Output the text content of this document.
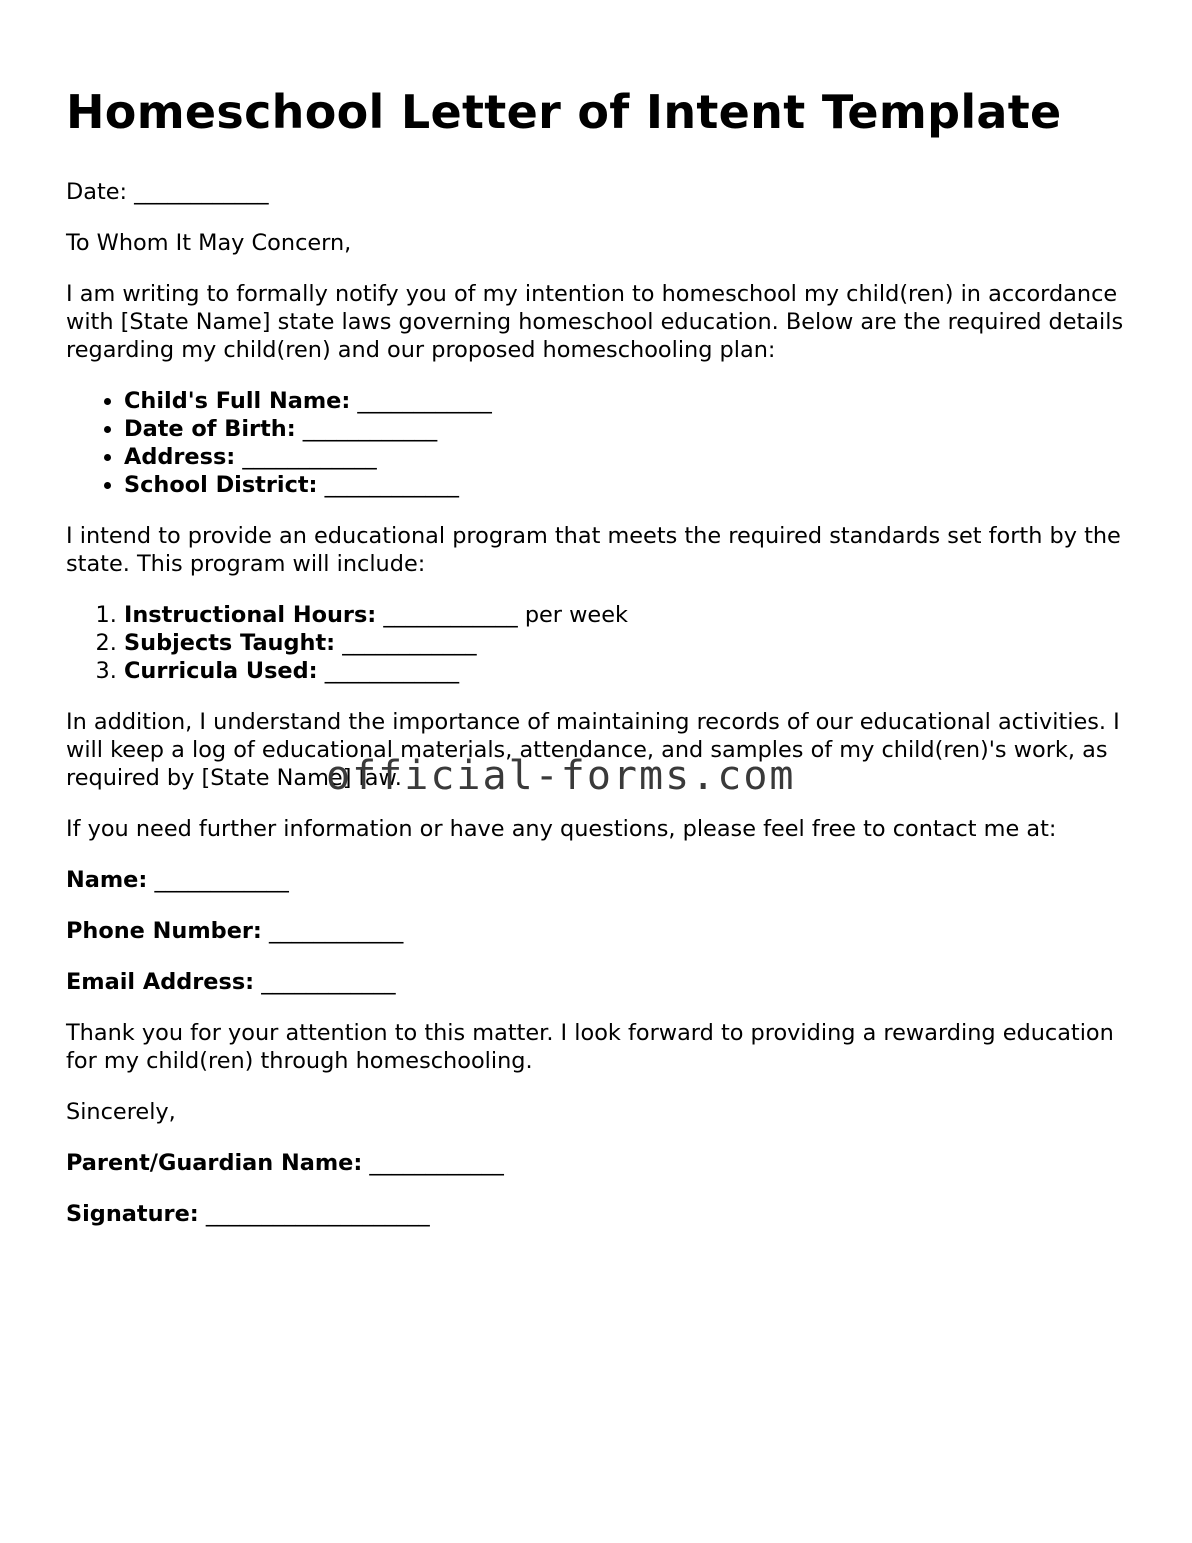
Homeschool Letter of Intent Template

Date: ____________

To Whom It May Concern,

I am writing to formally notify you of my intention to homeschool my child(ren) in accordance with [State Name] state laws governing homeschool education. Below are the required details regarding my child(ren) and our proposed homeschooling plan:

• Child's Full Name: ____________
• Date of Birth: ____________
• Address: ____________
• School District: ____________

I intend to provide an educational program that meets the required standards set forth by the state. This program will include:

1. Instructional Hours: ____________ per week
2. Subjects Taught: ____________
3. Curricula Used: ____________

In addition, I understand the importance of maintaining records of our educational activities. I will keep a log of educational materials, attendance, and samples of my child(ren)'s work, as required by [State Name] law.

If you need further information or have any questions, please feel free to contact me at:

Name: ____________

Phone Number: ____________

Email Address: ____________

Thank you for your attention to this matter. I look forward to providing a rewarding education for my child(ren) through homeschooling.

Sincerely,

Parent/Guardian Name: ____________

Signature: ____________________

official-forms.com
